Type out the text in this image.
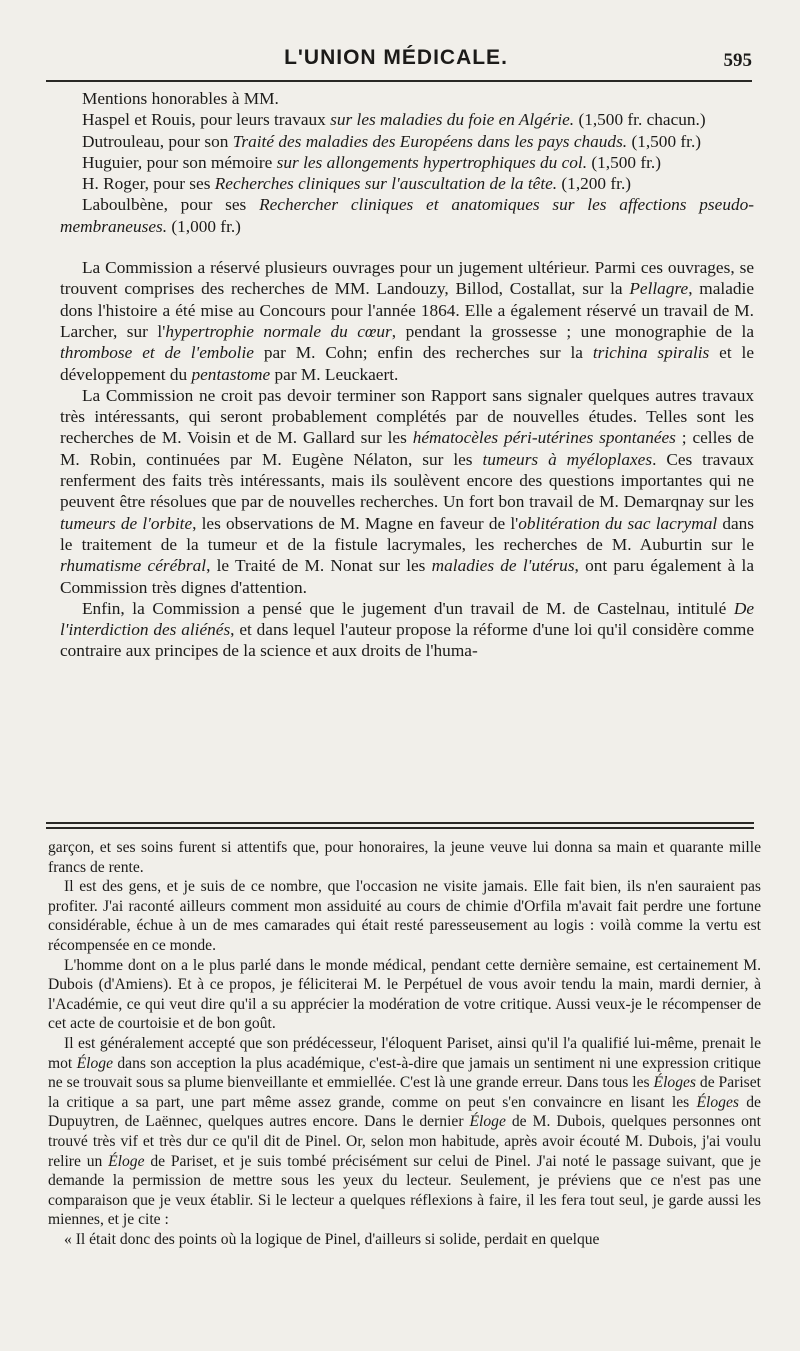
L'UNION MÉDICALE.	595

Mentions honorables à MM.

Haspel et Rouis, pour leurs travaux sur les maladies du foie en Algérie. (1,500 fr. chacun.)

Dutrouleau, pour son Traité des maladies des Européens dans les pays chauds. (1,500 fr.)

Huguier, pour son mémoire sur les allongements hypertrophiques du col. (1,500 fr.)

H. Roger, pour ses Recherches cliniques sur l'auscultation de la tête. (1,200 fr.)

Laboulbène, pour ses Rechercher cliniques et anatomiques sur les affections pseudo-membraneuses. (1,000 fr.)

La Commission a réservé plusieurs ouvrages pour un jugement ultérieur. Parmi ces ouvrages, se trouvent comprises des recherches de MM. Landouzy, Billod, Costallat, sur la Pellagre, maladie dons l'histoire a été mise au Concours pour l'année 1864. Elle a également réservé un travail de M. Larcher, sur l'hypertrophie normale du cœur, pendant la grossesse ; une monographie de la thrombose et de l'embolie par M. Cohn; enfin des recherches sur la trichina spiralis et le développement du pentastome par M. Leuckaert.

La Commission ne croit pas devoir terminer son Rapport sans signaler quelques autres travaux très intéressants, qui seront probablement complétés par de nouvelles études. Telles sont les recherches de M. Voisin et de M. Gallard sur les hématocèles péri-utérines spontanées ; celles de M. Robin, continuées par M. Eugène Nélaton, sur les tumeurs à myéloplaxes. Ces travaux renferment des faits très intéressants, mais ils soulèvent encore des questions importantes qui ne peuvent être résolues que par de nouvelles recherches. Un fort bon travail de M. Demarqnay sur les tumeurs de l'orbite, les observations de M. Magne en faveur de l'oblitération du sac lacrymal dans le traitement de la tumeur et de la fistule lacrymales, les recherches de M. Auburtin sur le rhumatisme cérébral, le Traité de M. Nonat sur les maladies de l'utérus, ont paru également à la Commission très dignes d'attention.

Enfin, la Commission a pensé que le jugement d'un travail de M. de Castelnau, intitulé De l'interdiction des aliénés, et dans lequel l'auteur propose la réforme d'une loi qu'il considère comme contraire aux principes de la science et aux droits de l'huma-

garçon, et ses soins furent si attentifs que, pour honoraires, la jeune veuve lui donna sa main et quarante mille francs de rente.

Il est des gens, et je suis de ce nombre, que l'occasion ne visite jamais. Elle fait bien, ils n'en sauraient pas profiter. J'ai raconté ailleurs comment mon assiduité au cours de chimie d'Orfila m'avait fait perdre une fortune considérable, échue à un de mes camarades qui était resté paresseusement au logis : voilà comme la vertu est récompensée en ce monde.

L'homme dont on a le plus parlé dans le monde médical, pendant cette dernière semaine, est certainement M. Dubois (d'Amiens). Et à ce propos, je féliciterai M. le Perpétuel de vous avoir tendu la main, mardi dernier, à l'Académie, ce qui veut dire qu'il a su apprécier la modération de votre critique. Aussi veux-je le récompenser de cet acte de courtoisie et de bon goût.

Il est généralement accepté que son prédécesseur, l'éloquent Pariset, ainsi qu'il l'a qualifié lui-même, prenait le mot Éloge dans son acception la plus académique, c'est-à-dire que jamais un sentiment ni une expression critique ne se trouvait sous sa plume bienveillante et emmiellée. C'est là une grande erreur. Dans tous les Éloges de Pariset la critique a sa part, une part même assez grande, comme on peut s'en convaincre en lisant les Éloges de Dupuytren, de Laënnec, quelques autres encore. Dans le dernier Éloge de M. Dubois, quelques personnes ont trouvé très vif et très dur ce qu'il dit de Pinel. Or, selon mon habitude, après avoir écouté M. Dubois, j'ai voulu relire un Éloge de Pariset, et je suis tombé précisément sur celui de Pinel. J'ai noté le passage suivant, que je demande la permission de mettre sous les yeux du lecteur. Seulement, je préviens que ce n'est pas une comparaison que je veux établir. Si le lecteur a quelques réflexions à faire, il les fera tout seul, je garde aussi les miennes, et je cite :

« Il était donc des points où la logique de Pinel, d'ailleurs si solide, perdait en quelque
